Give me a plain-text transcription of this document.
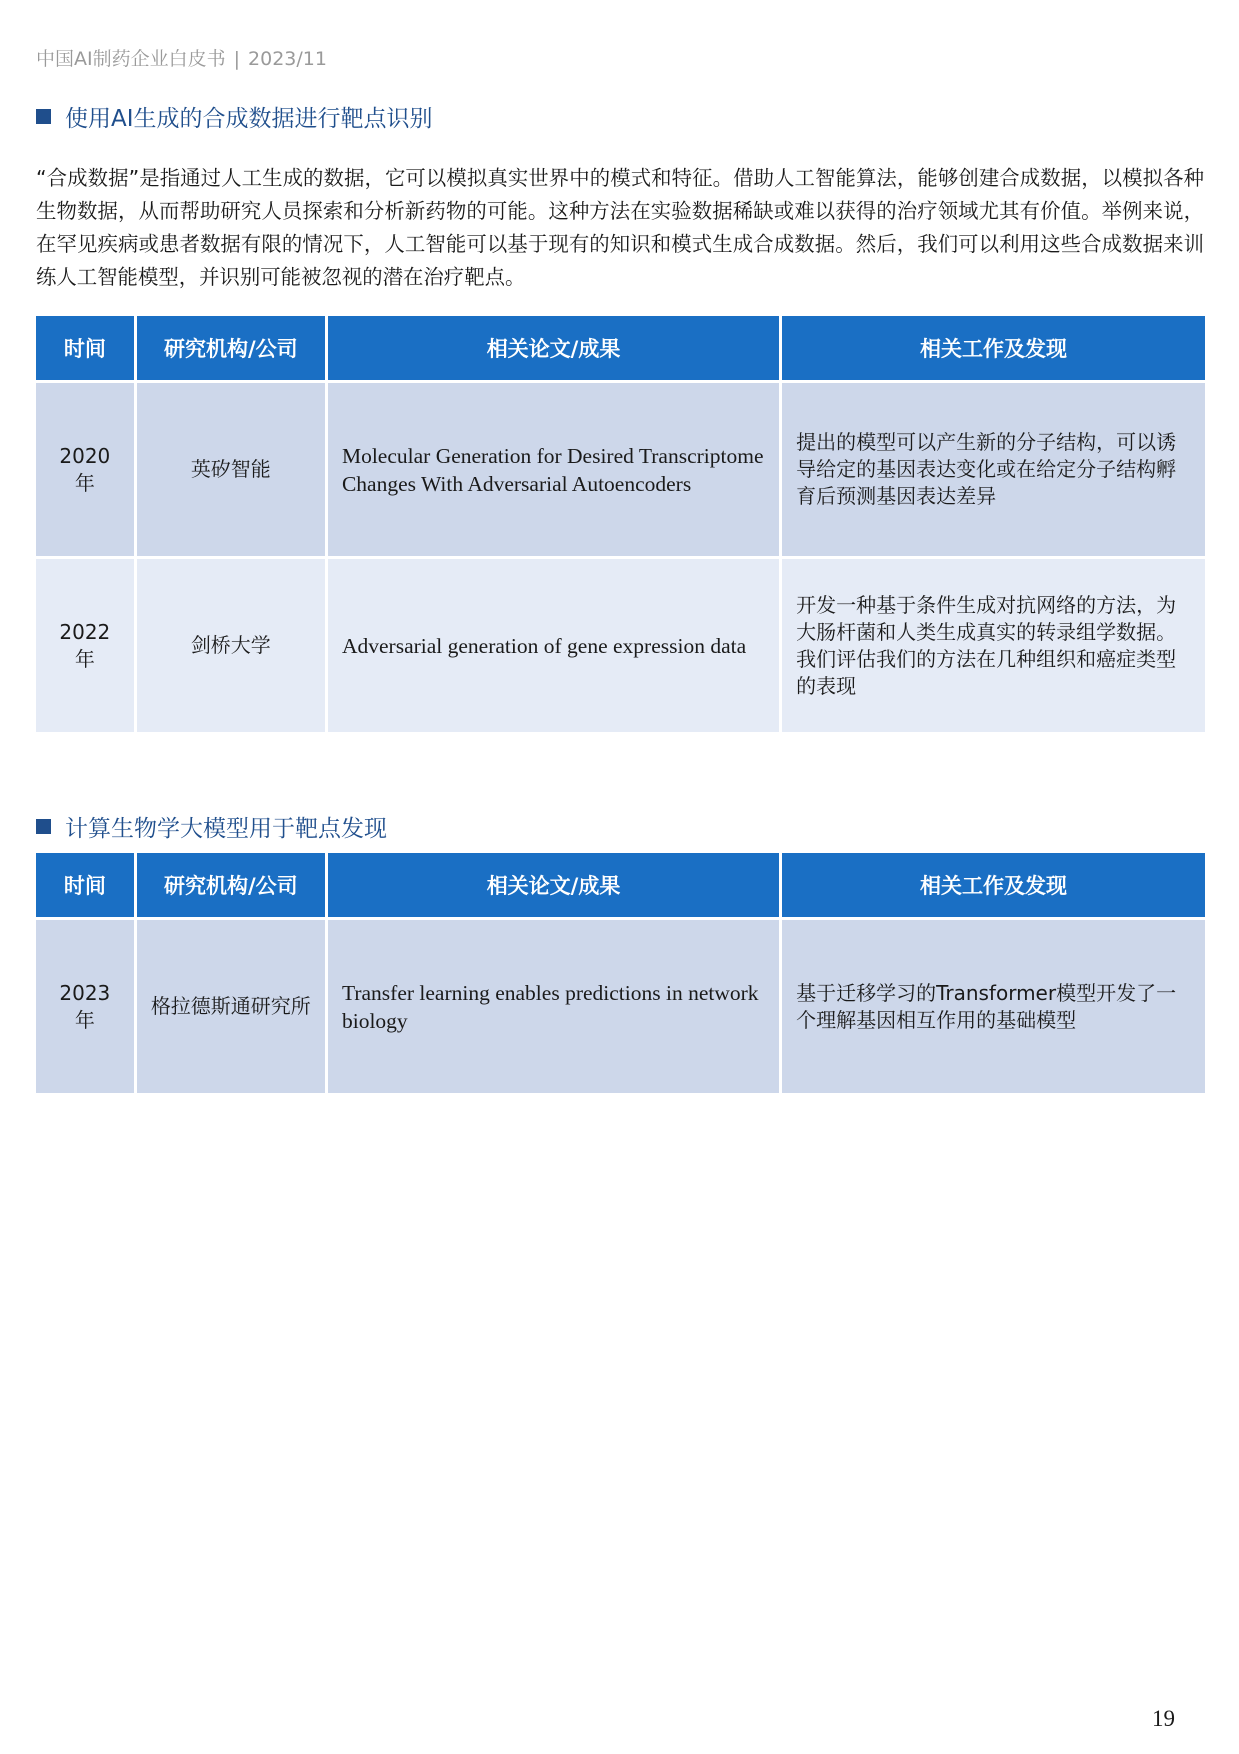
中国AI制药企业白皮书 | 2023/11
使用AI生成的合成数据进行靶点识别

“合成数据”是指通过人工生成的数据，它可以模拟真实世界中的模式和特征。借助人工智能算法，能够创建合成数据，以模拟各种生物数据，从而帮助研究人员探索和分析新药物的可能。这种方法在实验数据稀缺或难以获得的治疗领域尤其有价值。举例来说，在罕见疾病或患者数据有限的情况下，人工智能可以基于现有的知识和模式生成合成数据。然后，我们可以利用这些合成数据来训练人工智能模型，并识别可能被忽视的潜在治疗靶点。

时间	研究机构/公司	相关论文/成果	相关工作及发现
2020年	英矽智能	Molecular Generation for Desired Transcriptome Changes With Adversarial Autoencoders	提出的模型可以产生新的分子结构，可以诱导给定的基因表达变化或在给定分子结构孵育后预测基因表达差异
2022年	剑桥大学	Adversarial generation of gene expression data	开发一种基于条件生成对抗网络的方法，为大肠杆菌和人类生成真实的转录组学数据。我们评估我们的方法在几种组织和癌症类型的表现
计算生物学大模型用于靶点发现
时间	研究机构/公司	相关论文/成果	相关工作及发现
2023年	格拉德斯通研究所	Transfer learning enables predictions in network biology	基于迁移学习的Transformer模型开发了一个理解基因相互作用的基础模型
19
